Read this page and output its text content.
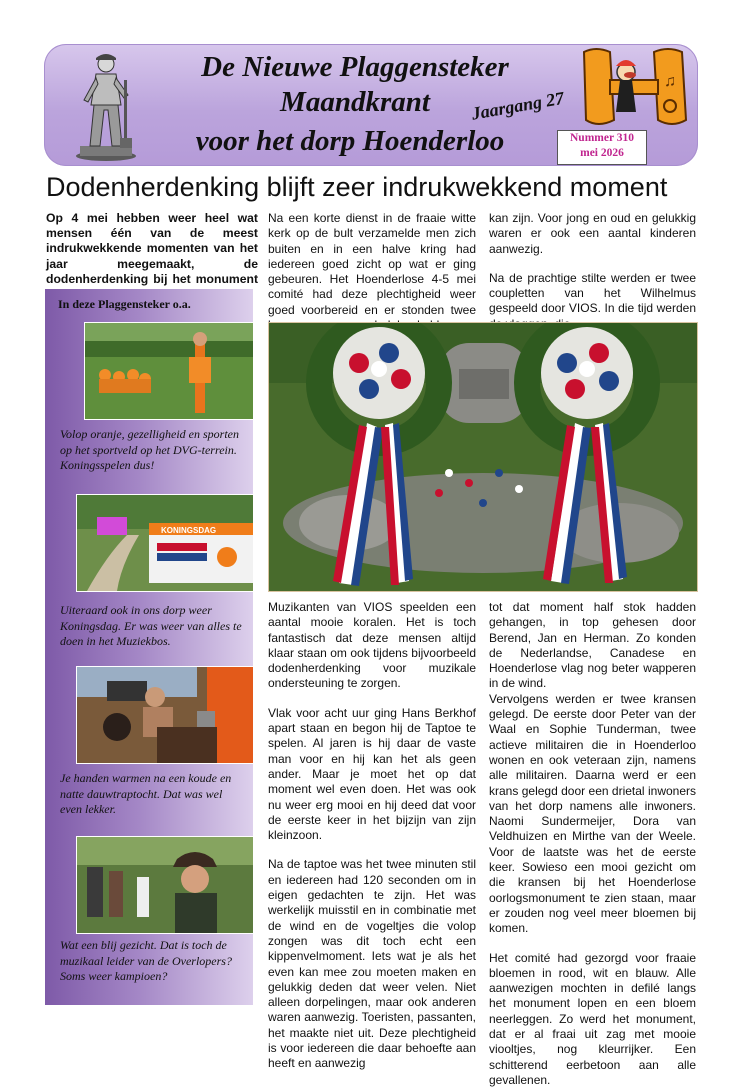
De Nieuwe Plaggensteker
Maandkrant
voor het dorp Hoenderloo
Jaargang 27
♫
Nummer 310
mei 2026
Dodenherdenking blijft zeer indrukwekkend moment
Op 4 mei hebben weer heel wat mensen één van de meest indrukwekkende momenten van het jaar meegemaakt, de dodenherdenking bij het monument
In deze Plaggensteker o.a.
Volop oranje, gezelligheid en sporten op het sportveld op het DVG-terrein. Koningsspelen dus!
KONINGSDAG
Uiteraard ook in ons dorp weer Koningsdag. Er was weer van alles te doen in het Muziekbos.
Je handen warmen na een koude en natte dauwtraptocht. Dat was wel even lekker.
Wat een blij gezicht. Dat is toch de muzikaal leider van de Overlopers? Soms weer kampioen?

Na een korte dienst in de fraaie witte kerk op de bult verzamelde men zich buiten en in een halve kring had iedereen goed zicht op wat er ging gebeuren. Het Hoenderlose 4-5 mei comité had deze plechtigheid weer goed voorbereid en er stonden twee

kan zijn. Voor jong en oud en gelukkig waren er ook een aantal kinderen aanwezig.

Na de prachtige stilte werden er twee coupletten van het Wilhelmus gespeeld door VIOS. In die tijd werden

Muzikanten van VIOS speelden een aantal mooie koralen. Het is toch fantastisch dat deze mensen altijd klaar staan om ook tijdens bijvoorbeeld dodenherdenking voor muzikale ondersteuning te zorgen.

Vlak voor acht uur ging Hans Berkhof apart staan en begon hij de Taptoe te spelen. Al jaren is hij daar de vaste man voor en hij kan het als geen ander. Maar je moet het op dat moment wel even doen. Het was ook nu weer erg mooi en hij deed dat voor de eerste keer in het bijzijn van zijn kleinzoon.

Na de taptoe was het twee minuten stil en iedereen had 120 seconden om in eigen gedachten te zijn. Het was werkelijk muisstil en in combinatie met de wind en de vogeltjes die volop zongen was dit toch echt een kippenvelmoment. Iets wat je als het even kan mee zou moeten maken en gelukkig deden dat weer velen. Niet alleen dorpelingen, maar ook anderen waren aanwezig. Toeristen, passanten, het maakte niet uit. Deze plechtigheid is voor iedereen die daar behoefte aan heeft en aanwezig

tot dat moment half stok hadden gehangen, in top gehesen door Berend, Jan en Herman. Zo konden de Nederlandse, Canadese en Hoenderlose vlag nog beter wapperen in de wind.

Vervolgens werden er twee kransen gelegd. De eerste door Peter van der Waal en Sophie Tunderman, twee actieve militairen die in Hoenderloo wonen en ook veteraan zijn, namens alle militairen. Daarna werd er een krans gelegd door een drietal inwoners van het dorp namens alle inwoners. Naomi Sundermeijer, Dora van Veldhuizen en Mirthe van der Weele. Voor de laatste was het de eerste keer. Sowieso een mooi gezicht om die kransen bij het Hoenderlose oorlogsmonument te zien staan, maar er zouden nog veel meer bloemen bij komen.

Het comité had gezorgd voor fraaie bloemen in rood, wit en blauw. Alle aanwezigen mochten in defilé langs het monument lopen en een bloem neerleggen. Zo werd het monument, dat er al fraai uit zag met mooie viooltjes, nog kleurrijker. Een schitterend eerbetoon aan alle gevallenen.
